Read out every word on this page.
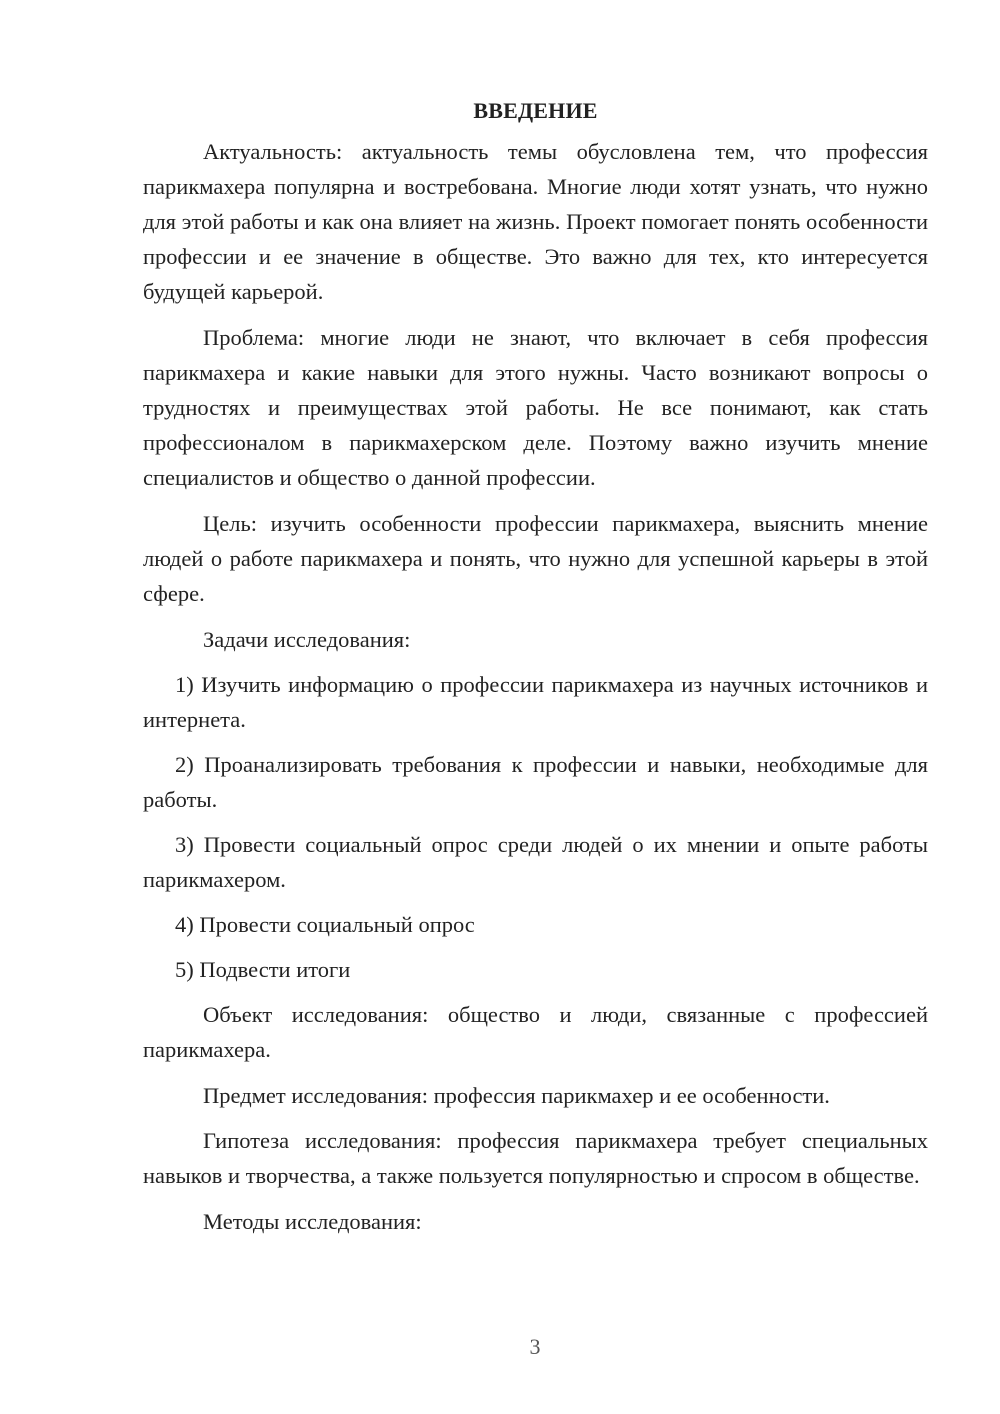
ВВЕДЕНИЕ

Актуальность: актуальность темы обусловлена тем, что профессия парикмахера популярна и востребована. Многие люди хотят узнать, что нужно для этой работы и как она влияет на жизнь. Проект помогает понять особенности профессии и ее значение в обществе. Это важно для тех, кто интересуется будущей карьерой.

Проблема: многие люди не знают, что включает в себя профессия парикмахера и какие навыки для этого нужны. Часто возникают вопросы о трудностях и преимуществах этой работы. Не все понимают, как стать профессионалом в парикмахерском деле. Поэтому важно изучить мнение специалистов и общество о данной профессии.

Цель: изучить особенности профессии парикмахера, выяснить мнение людей о работе парикмахера и понять, что нужно для успешной карьеры в этой сфере.

Задачи исследования:

1) Изучить информацию о профессии парикмахера из научных источников и интернета.

2) Проанализировать требования к профессии и навыки, необходимые для работы.

3) Провести социальный опрос среди людей о их мнении и опыте работы парикмахером.

4) Провести социальный опрос

5) Подвести итоги

Объект исследования: общество и люди, связанные с профессией парикмахера.

Предмет исследования: профессия парикмахер и ее особенности.

Гипотеза исследования: профессия парикмахера требует специальных навыков и творчества, а также пользуется популярностью и спросом в обществе.

Методы исследования:

3
